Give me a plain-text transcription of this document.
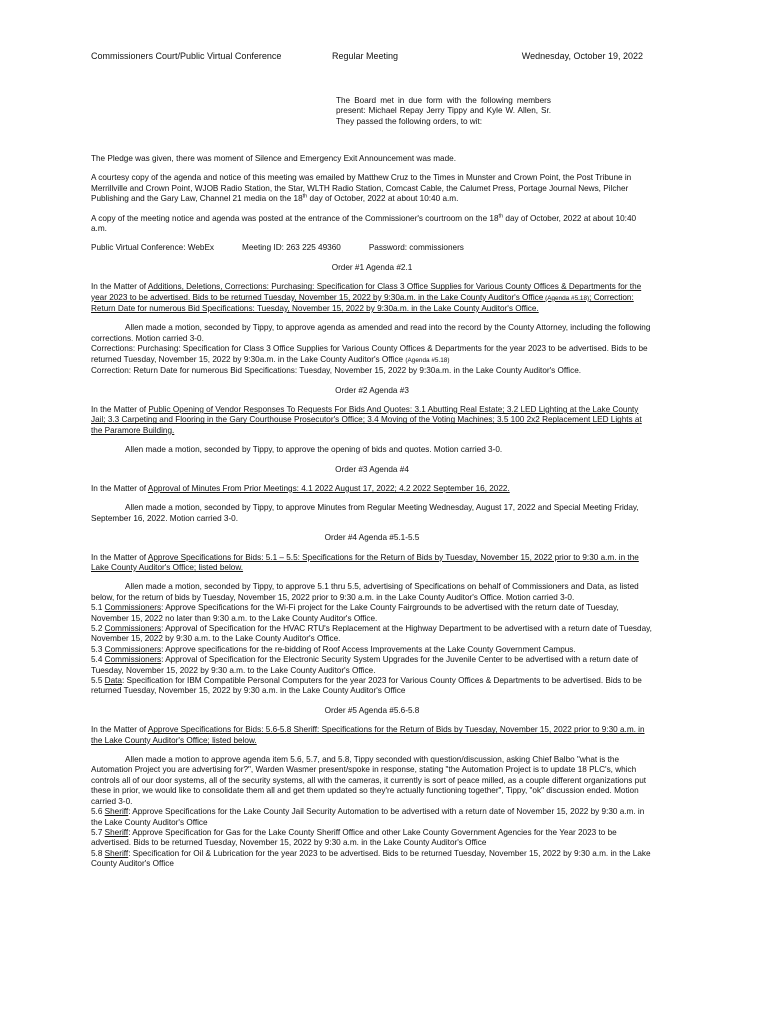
Commissioners Court/Public Virtual Conference	Regular Meeting	Wednesday, October 19, 2022
The Board met in due form with the following members present: Michael Repay Jerry Tippy and Kyle W. Allen, Sr. They passed the following orders, to wit:

The Pledge was given, there was moment of Silence and Emergency Exit Announcement was made.

A courtesy copy of the agenda and notice of this meeting was emailed by Matthew Cruz to the Times in Munster and Crown Point, the Post Tribune in Merrillville and Crown Point, WJOB Radio Station, the Star, WLTH Radio Station, Comcast Cable, the Calumet Press, Portage Journal News, Pilcher Publishing and the Gary Law, Channel 21 media on the 18th day of October, 2022 at about 10:40 a.m.

A copy of the meeting notice and agenda was posted at the entrance of the Commissioner's courtroom on the 18th day of October, 2022 at about 10:40 a.m.

Public Virtual Conference: WebEx	Meeting ID: 263 225 49360	Password: commissioners

Order #1 Agenda #2.1

In the Matter of Additions, Deletions, Corrections: Purchasing: Specification for Class 3 Office Supplies for Various County Offices & Departments for the year 2023 to be advertised. Bids to be returned Tuesday, November 15, 2022 by 9:30a.m. in the Lake County Auditor's Office (Agenda #5.18); Correction: Return Date for numerous Bid Specifications: Tuesday, November 15, 2022 by 9:30a.m. in the Lake County Auditor's Office.

Allen made a motion, seconded by Tippy, to approve agenda as amended and read into the record by the County Attorney, including the following corrections. Motion carried 3-0.

Corrections: Purchasing: Specification for Class 3 Office Supplies for Various County Offices & Departments for the year 2023 to be advertised. Bids to be returned Tuesday, November 15, 2022 by 9:30a.m. in the Lake County Auditor's Office (Agenda #5.18)

Correction: Return Date for numerous Bid Specifications: Tuesday, November 15, 2022 by 9:30a.m. in the Lake County Auditor's Office.

Order #2 Agenda #3

In the Matter of Public Opening of Vendor Responses To Requests For Bids And Quotes: 3.1 Abutting Real Estate; 3.2 LED Lighting at the Lake County Jail; 3.3 Carpeting and Flooring in the Gary Courthouse Prosecutor's Office; 3.4 Moving of the Voting Machines; 3.5 100 2x2 Replacement LED Lights at the Paramore Building.

Allen made a motion, seconded by Tippy, to approve the opening of bids and quotes. Motion carried 3-0.

Order #3 Agenda #4

In the Matter of Approval of Minutes From Prior Meetings: 4.1 2022 August 17, 2022; 4.2 2022 September 16, 2022.

Allen made a motion, seconded by Tippy, to approve Minutes from Regular Meeting Wednesday, August 17, 2022 and Special Meeting Friday, September 16, 2022. Motion carried 3-0.

Order #4 Agenda #5.1-5.5

In the Matter of Approve Specifications for Bids: 5.1 – 5.5: Specifications for the Return of Bids by Tuesday, November 15, 2022 prior to 9:30 a.m. in the Lake County Auditor's Office; listed below.

Allen made a motion, seconded by Tippy, to approve 5.1 thru 5.5, advertising of Specifications on behalf of Commissioners and Data, as listed below, for the return of bids by Tuesday, November 15, 2022 prior to 9:30 a.m. in the Lake County Auditor's Office. Motion carried 3-0.

5.1 Commissioners: Approve Specifications for the Wi-Fi project for the Lake County Fairgrounds to be advertised with the return date of Tuesday, November 15, 2022 no later than 9:30 a.m. to the Lake County Auditor's Office.

5.2 Commissioners: Approval of Specification for the HVAC RTU's Replacement at the Highway Department to be advertised with a return date of Tuesday, November 15, 2022 by 9:30 a.m. to the Lake County Auditor's Office.

5.3 Commissioners: Approve specifications for the re-bidding of Roof Access Improvements at the Lake County Government Campus.

5.4 Commissioners: Approval of Specification for the Electronic Security System Upgrades for the Juvenile Center to be advertised with a return date of Tuesday, November 15, 2022 by 9:30 a.m. to the Lake County Auditor's Office.

5.5 Data: Specification for IBM Compatible Personal Computers for the year 2023 for Various County Offices & Departments to be advertised. Bids to be returned Tuesday, November 15, 2022 by 9:30 a.m. in the Lake County Auditor's Office

Order #5 Agenda #5.6-5.8

In the Matter of Approve Specifications for Bids: 5.6-5.8 Sheriff: Specifications for the Return of Bids by Tuesday, November 15, 2022 prior to 9:30 a.m. in the Lake County Auditor's Office; listed below.

Allen made a motion to approve agenda item 5.6, 5.7, and 5.8, Tippy seconded with question/discussion, asking Chief Balbo "what is the Automation Project you are advertising for?", Warden Wasmer present/spoke in response, stating "the Automation Project is to update 18 PLC's, which controls all of our door systems, all of the security systems, all with the cameras, it currently is sort of peace milled, as a couple different organizations put these in prior, we would like to consolidate them all and get them updated so they're actually functioning together", Tippy, "ok" discussion ended. Motion carried 3-0.

5.6 Sheriff: Approve Specifications for the Lake County Jail Security Automation to be advertised with a return date of November 15, 2022 by 9:30 a.m. in the Lake County Auditor's Office

5.7 Sheriff: Approve Specification for Gas for the Lake County Sheriff Office and other Lake County Government Agencies for the Year 2023 to be advertised. Bids to be returned Tuesday, November 15, 2022 by 9:30 a.m. in the Lake County Auditor's Office

5.8 Sheriff: Specification for Oil & Lubrication for the year 2023 to be advertised. Bids to be returned Tuesday, November 15, 2022 by 9:30 a.m. in the Lake County Auditor's Office
